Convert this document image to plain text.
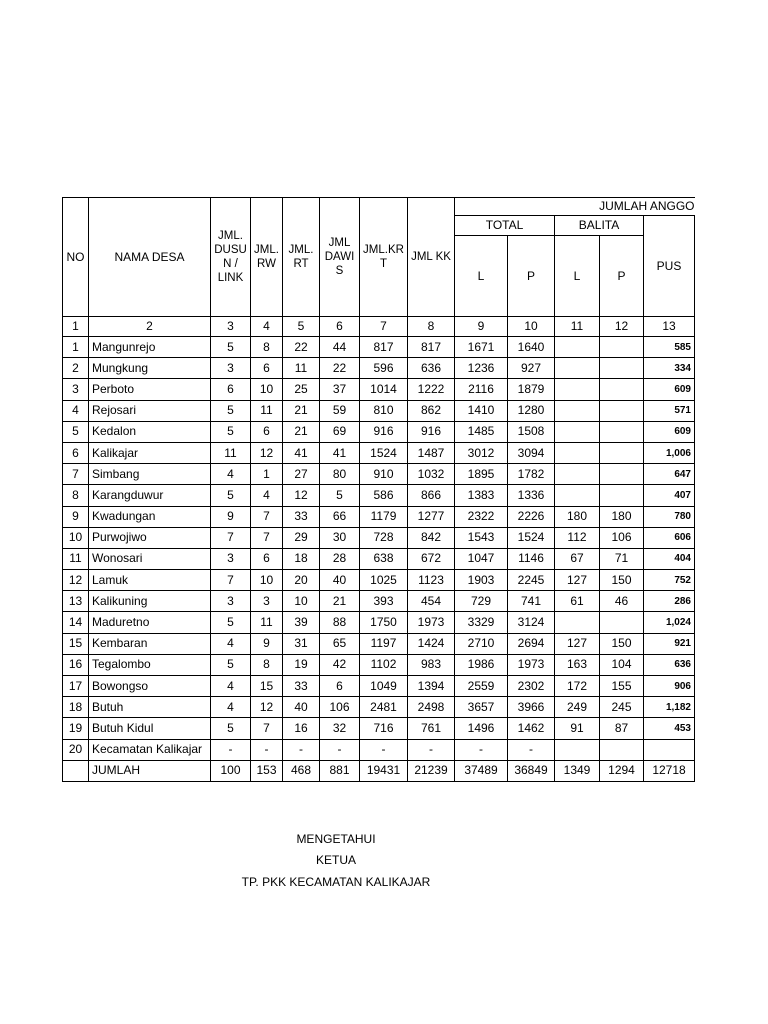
NO	NAMA DESA	JML. DUSU N / LINK	JML. RW	JML. RT	JML DAWI S	JML.KR T	JML KK	JUMLAH ANGGO				
								TOTAL		BALITA		PUS
								L	P	L	P	
1	2	3	4	5	6	7	8	9	10	11	12	13
1	Mangunrejo	5	8	22	44	817	817	1671	1640			585
2	Mungkung	3	6	11	22	596	636	1236	927			334
3	Perboto	6	10	25	37	1014	1222	2116	1879			609
4	Rejosari	5	11	21	59	810	862	1410	1280			571
5	Kedalon	5	6	21	69	916	916	1485	1508			609
6	Kalikajar	11	12	41	41	1524	1487	3012	3094			1,006
7	Simbang	4	1	27	80	910	1032	1895	1782			647
8	Karangduwur	5	4	12	5	586	866	1383	1336			407
9	Kwadungan	9	7	33	66	1179	1277	2322	2226	180	180	780
10	Purwojiwo	7	7	29	30	728	842	1543	1524	112	106	606
11	Wonosari	3	6	18	28	638	672	1047	1146	67	71	404
12	Lamuk	7	10	20	40	1025	1123	1903	2245	127	150	752
13	Kalikuning	3	3	10	21	393	454	729	741	61	46	286
14	Maduretno	5	11	39	88	1750	1973	3329	3124			1,024
15	Kembaran	4	9	31	65	1197	1424	2710	2694	127	150	921
16	Tegalombo	5	8	19	42	1102	983	1986	1973	163	104	636
17	Bowongso	4	15	33	6	1049	1394	2559	2302	172	155	906
18	Butuh	4	12	40	106	2481	2498	3657	3966	249	245	1,182
19	Butuh Kidul	5	7	16	32	716	761	1496	1462	91	87	453
20	Kecamatan Kalikajar	-	-	-	-	-	-	-	-			
	JUMLAH	100	153	468	881	19431	21239	37489	36849	1349	1294	12718
MENGETAHUI
KETUA
TP. PKK KECAMATAN KALIKAJAR
